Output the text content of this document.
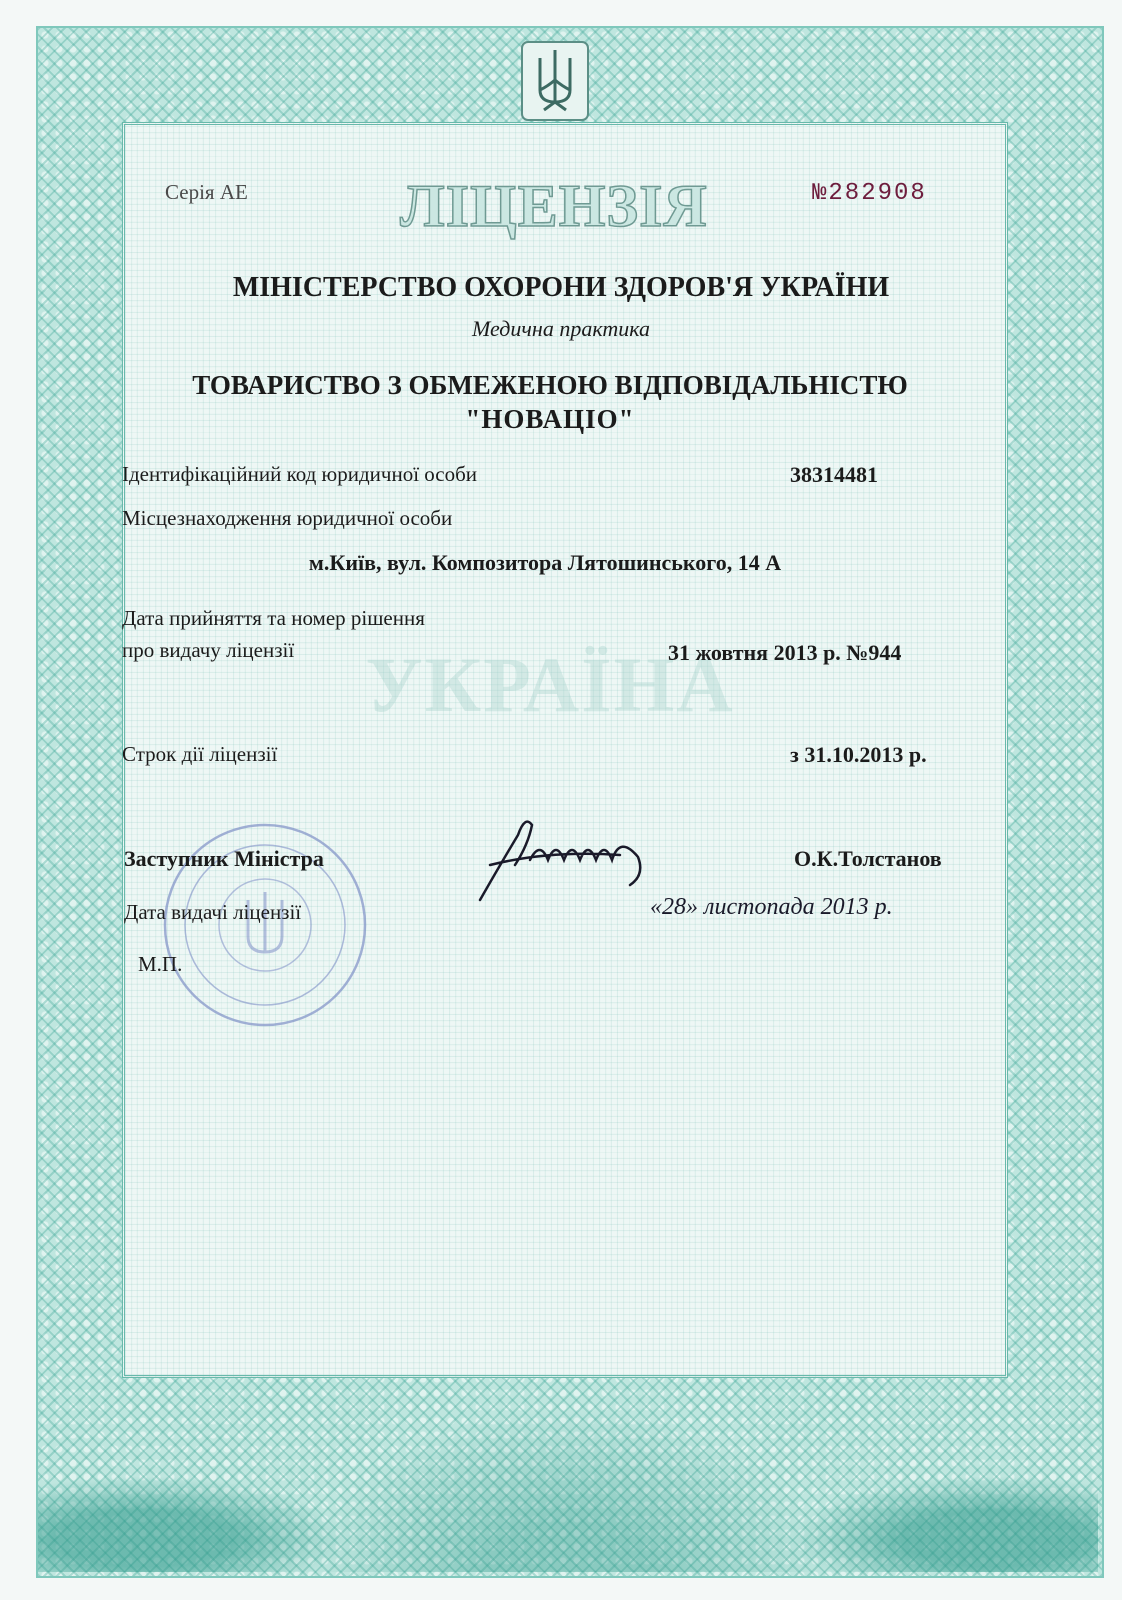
УКРАЇНА
Серія АЕ	ЛІЦЕНЗІЯ	№282908
МІНІСТЕРСТВО ОХОРОНИ ЗДОРОВ'Я УКРАЇНИ
Медична практика
ТОВАРИСТВО З ОБМЕЖЕНОЮ ВІДПОВІДАЛЬНІСТЮ
"НОВАЦІО"
Ідентифікаційний код юридичної особи	38314481
Місцезнаходження юридичної особи
м.Київ, вул. Композитора Лятошинського, 14 А
Дата прийняття та номер рішення
про видачу ліцензії	31 жовтня 2013 р. №944
Строк дії ліцензії	з 31.10.2013 р.
Заступник Міністра	О.К.Толстанов
Дата видачі ліцензії	«28» листопада 2013 р.
М.П.
